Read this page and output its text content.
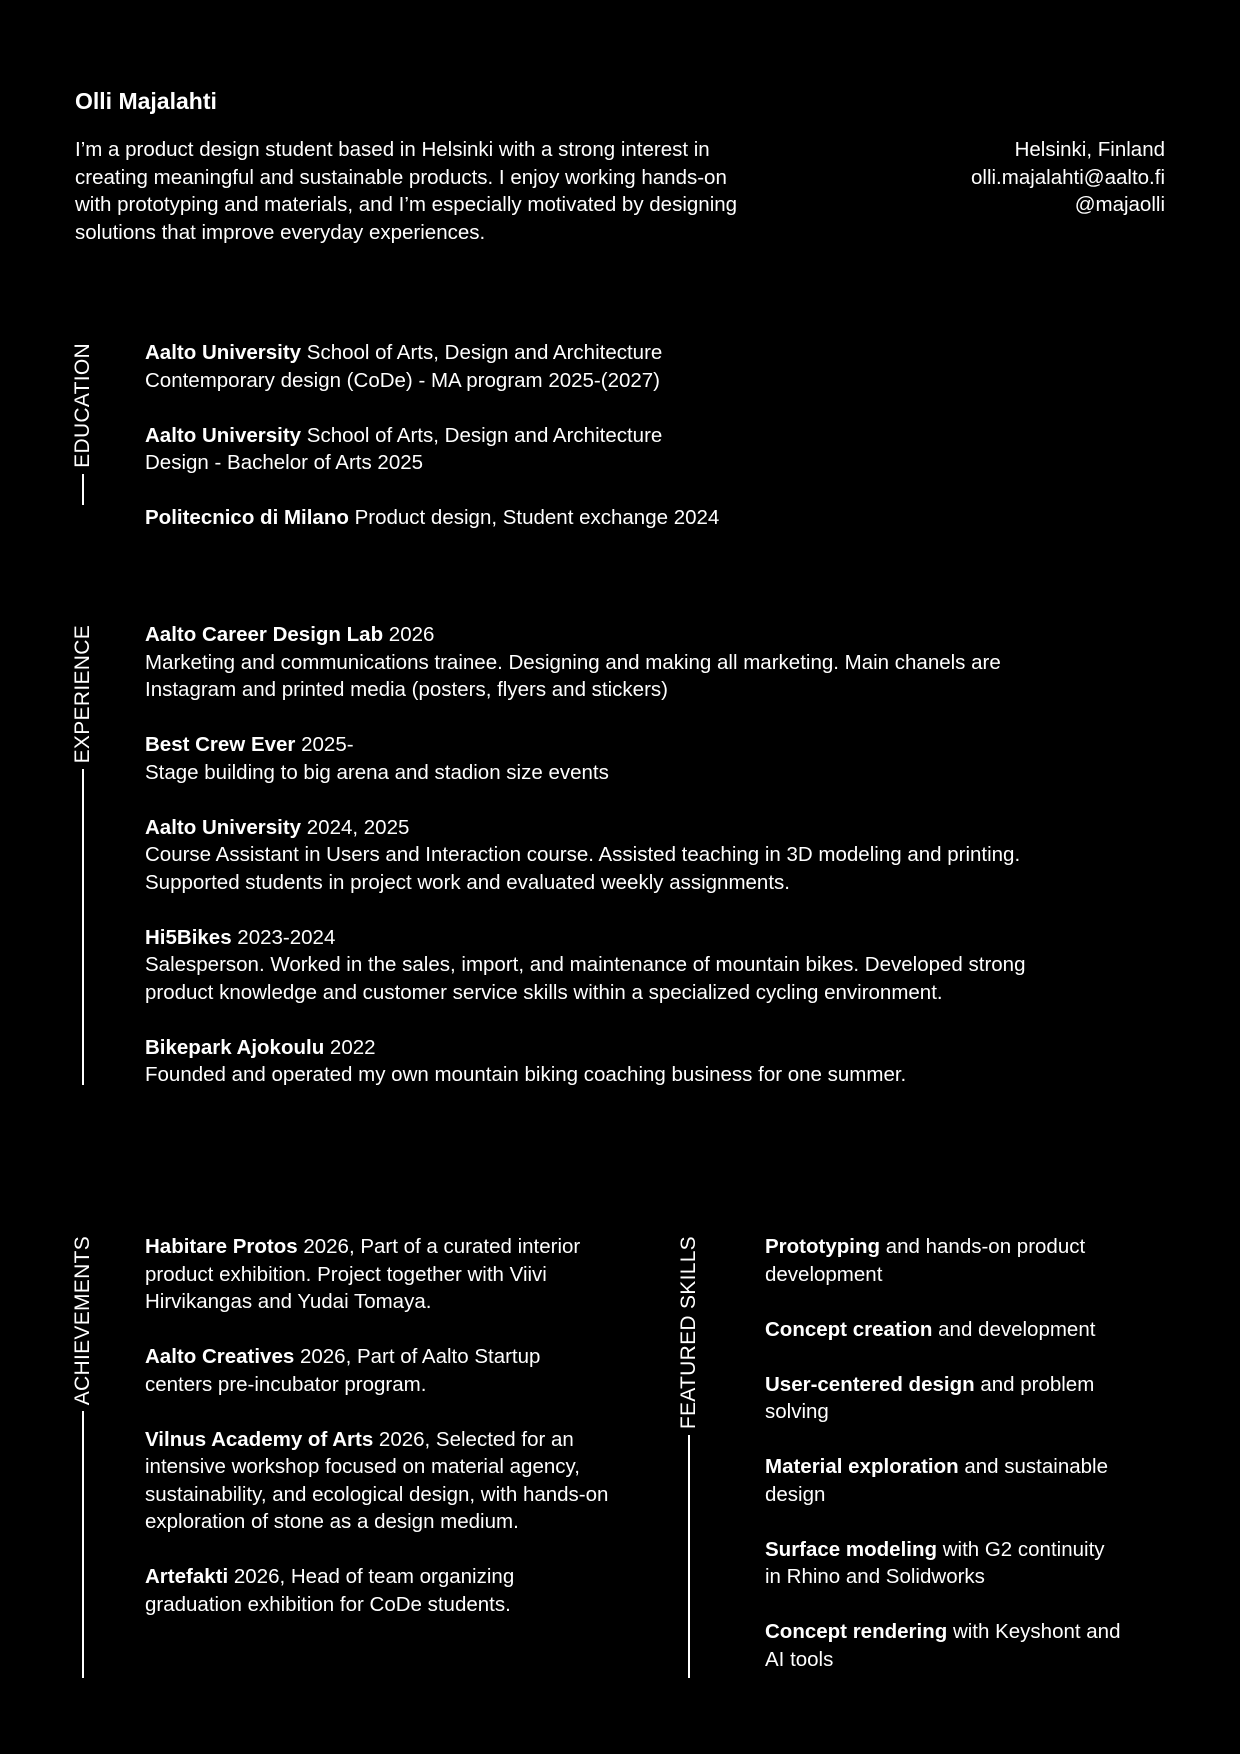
Olli Majalahti
I’m a product design student based in Helsinki with a strong interest in
creating meaningful and sustainable products. I enjoy working hands-on
with prototyping and materials, and I’m especially motivated by designing
solutions that improve everyday experiences.
Helsinki, Finland
olli.majalahti@aalto.fi
@majaolli
EDUCATION Aalto University School of Arts, Design and Architecture
Contemporary design (CoDe) - MA program 2025-(2027)
Aalto University School of Arts, Design and Architecture
Design - Bachelor of Arts 2025
Politecnico di Milano Product design, Student exchange 2024
EXPERIENCE Aalto Career Design Lab 2026
Marketing and communications trainee. Designing and making all marketing. Main chanels are
Instagram and printed media (posters, flyers and stickers)
Best Crew Ever 2025-
Stage building to big arena and stadion size events
Aalto University 2024, 2025
Course Assistant in Users and Interaction course. Assisted teaching in 3D modeling and printing.
Supported students in project work and evaluated weekly assignments.
Hi5Bikes 2023-2024
Salesperson. Worked in the sales, import, and maintenance of mountain bikes. Developed strong
product knowledge and customer service skills within a specialized cycling environment.
Bikepark Ajokoulu 2022
Founded and operated my own mountain biking coaching business for one summer.
ACHIEVEMENTS Habitare Protos 2026, Part of a curated interior
product exhibition. Project together with Viivi
Hirvikangas and Yudai Tomaya.
Aalto Creatives 2026, Part of Aalto Startup
centers pre-incubator program.
Vilnus Academy of Arts 2026, Selected for an
intensive workshop focused on material agency,
sustainability, and ecological design, with hands-on
exploration of stone as a design medium.
Artefakti 2026, Head of team organizing
graduation exhibition for CoDe students.
FEATURED SKILLS	Prototyping and hands-on product
development
Concept creation and development
User-centered design and problem
solving
Material exploration and sustainable
design
Surface modeling with G2 continuity
in Rhino and Solidworks
Concept rendering with Keyshont and
AI tools
